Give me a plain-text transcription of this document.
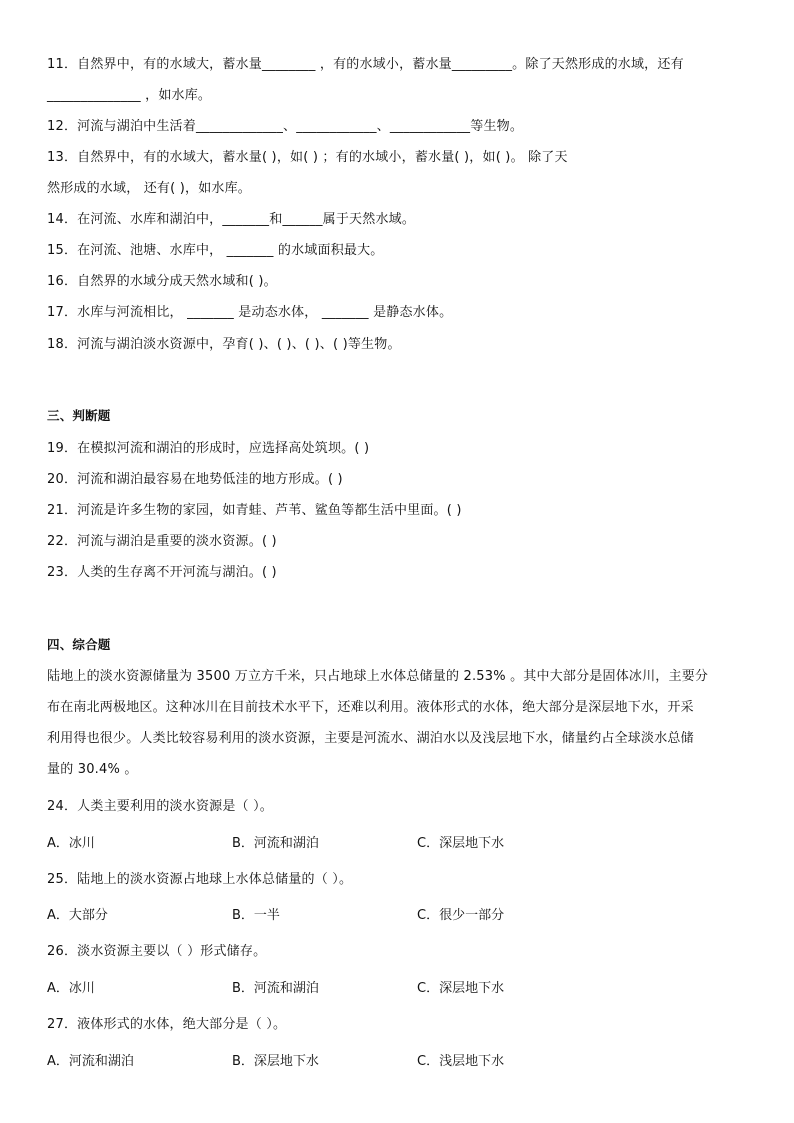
11．自然界中，有的水域大，蓄水量________ ，有的水域小，蓄水量_________。除了天然形成的水域，还有
______________ ，如水库。
12．河流与湖泊中生活着_____________、____________、____________等生物。
13．自然界中，有的水域大，蓄水量( )，如( ) ；有的水域小，蓄水量( )，如( )。 除了天
然形成的水域， 还有( )，如水库。
14．在河流、水库和湖泊中，_______和______属于天然水域。
15．在河流、池塘、水库中， _______ 的水域面积最大。
16．自然界的水域分成天然水域和( )。
17．水库与河流相比， _______ 是动态水体， _______ 是静态水体。
18．河流与湖泊淡水资源中，孕育( )、( )、( )、( )等生物。
三、判断题
19．在模拟河流和湖泊的形成时，应选择高处筑坝。( )
20．河流和湖泊最容易在地势低洼的地方形成。( )
21．河流是许多生物的家园，如青蛙、芦苇、鲨鱼等都生活中里面。( )
22．河流与湖泊是重要的淡水资源。( )
23．人类的生存离不开河流与湖泊。( )
四、综合题
陆地上的淡水资源储量为 3500 万立方千米，只占地球上水体总储量的 2.53% 。其中大部分是固体冰川，主要分
布在南北两极地区。这种冰川在目前技术水平下，还难以利用。液体形式的水体，绝大部分是深层地下水，开采
利用得也很少。人类比较容易利用的淡水资源，主要是河流水、湖泊水以及浅层地下水，储量约占全球淡水总储
量的 30.4% 。
24．人类主要利用的淡水资源是（ ）。
A．冰川	B．河流和湖泊	C．深层地下水
25．陆地上的淡水资源占地球上水体总储量的（ ）。
A．大部分	B．一半	C．很少一部分
26．淡水资源主要以（ ）形式储存。
A．冰川	B．河流和湖泊	C．深层地下水
27．液体形式的水体，绝大部分是（ ）。
A．河流和湖泊	B．深层地下水	C．浅层地下水
